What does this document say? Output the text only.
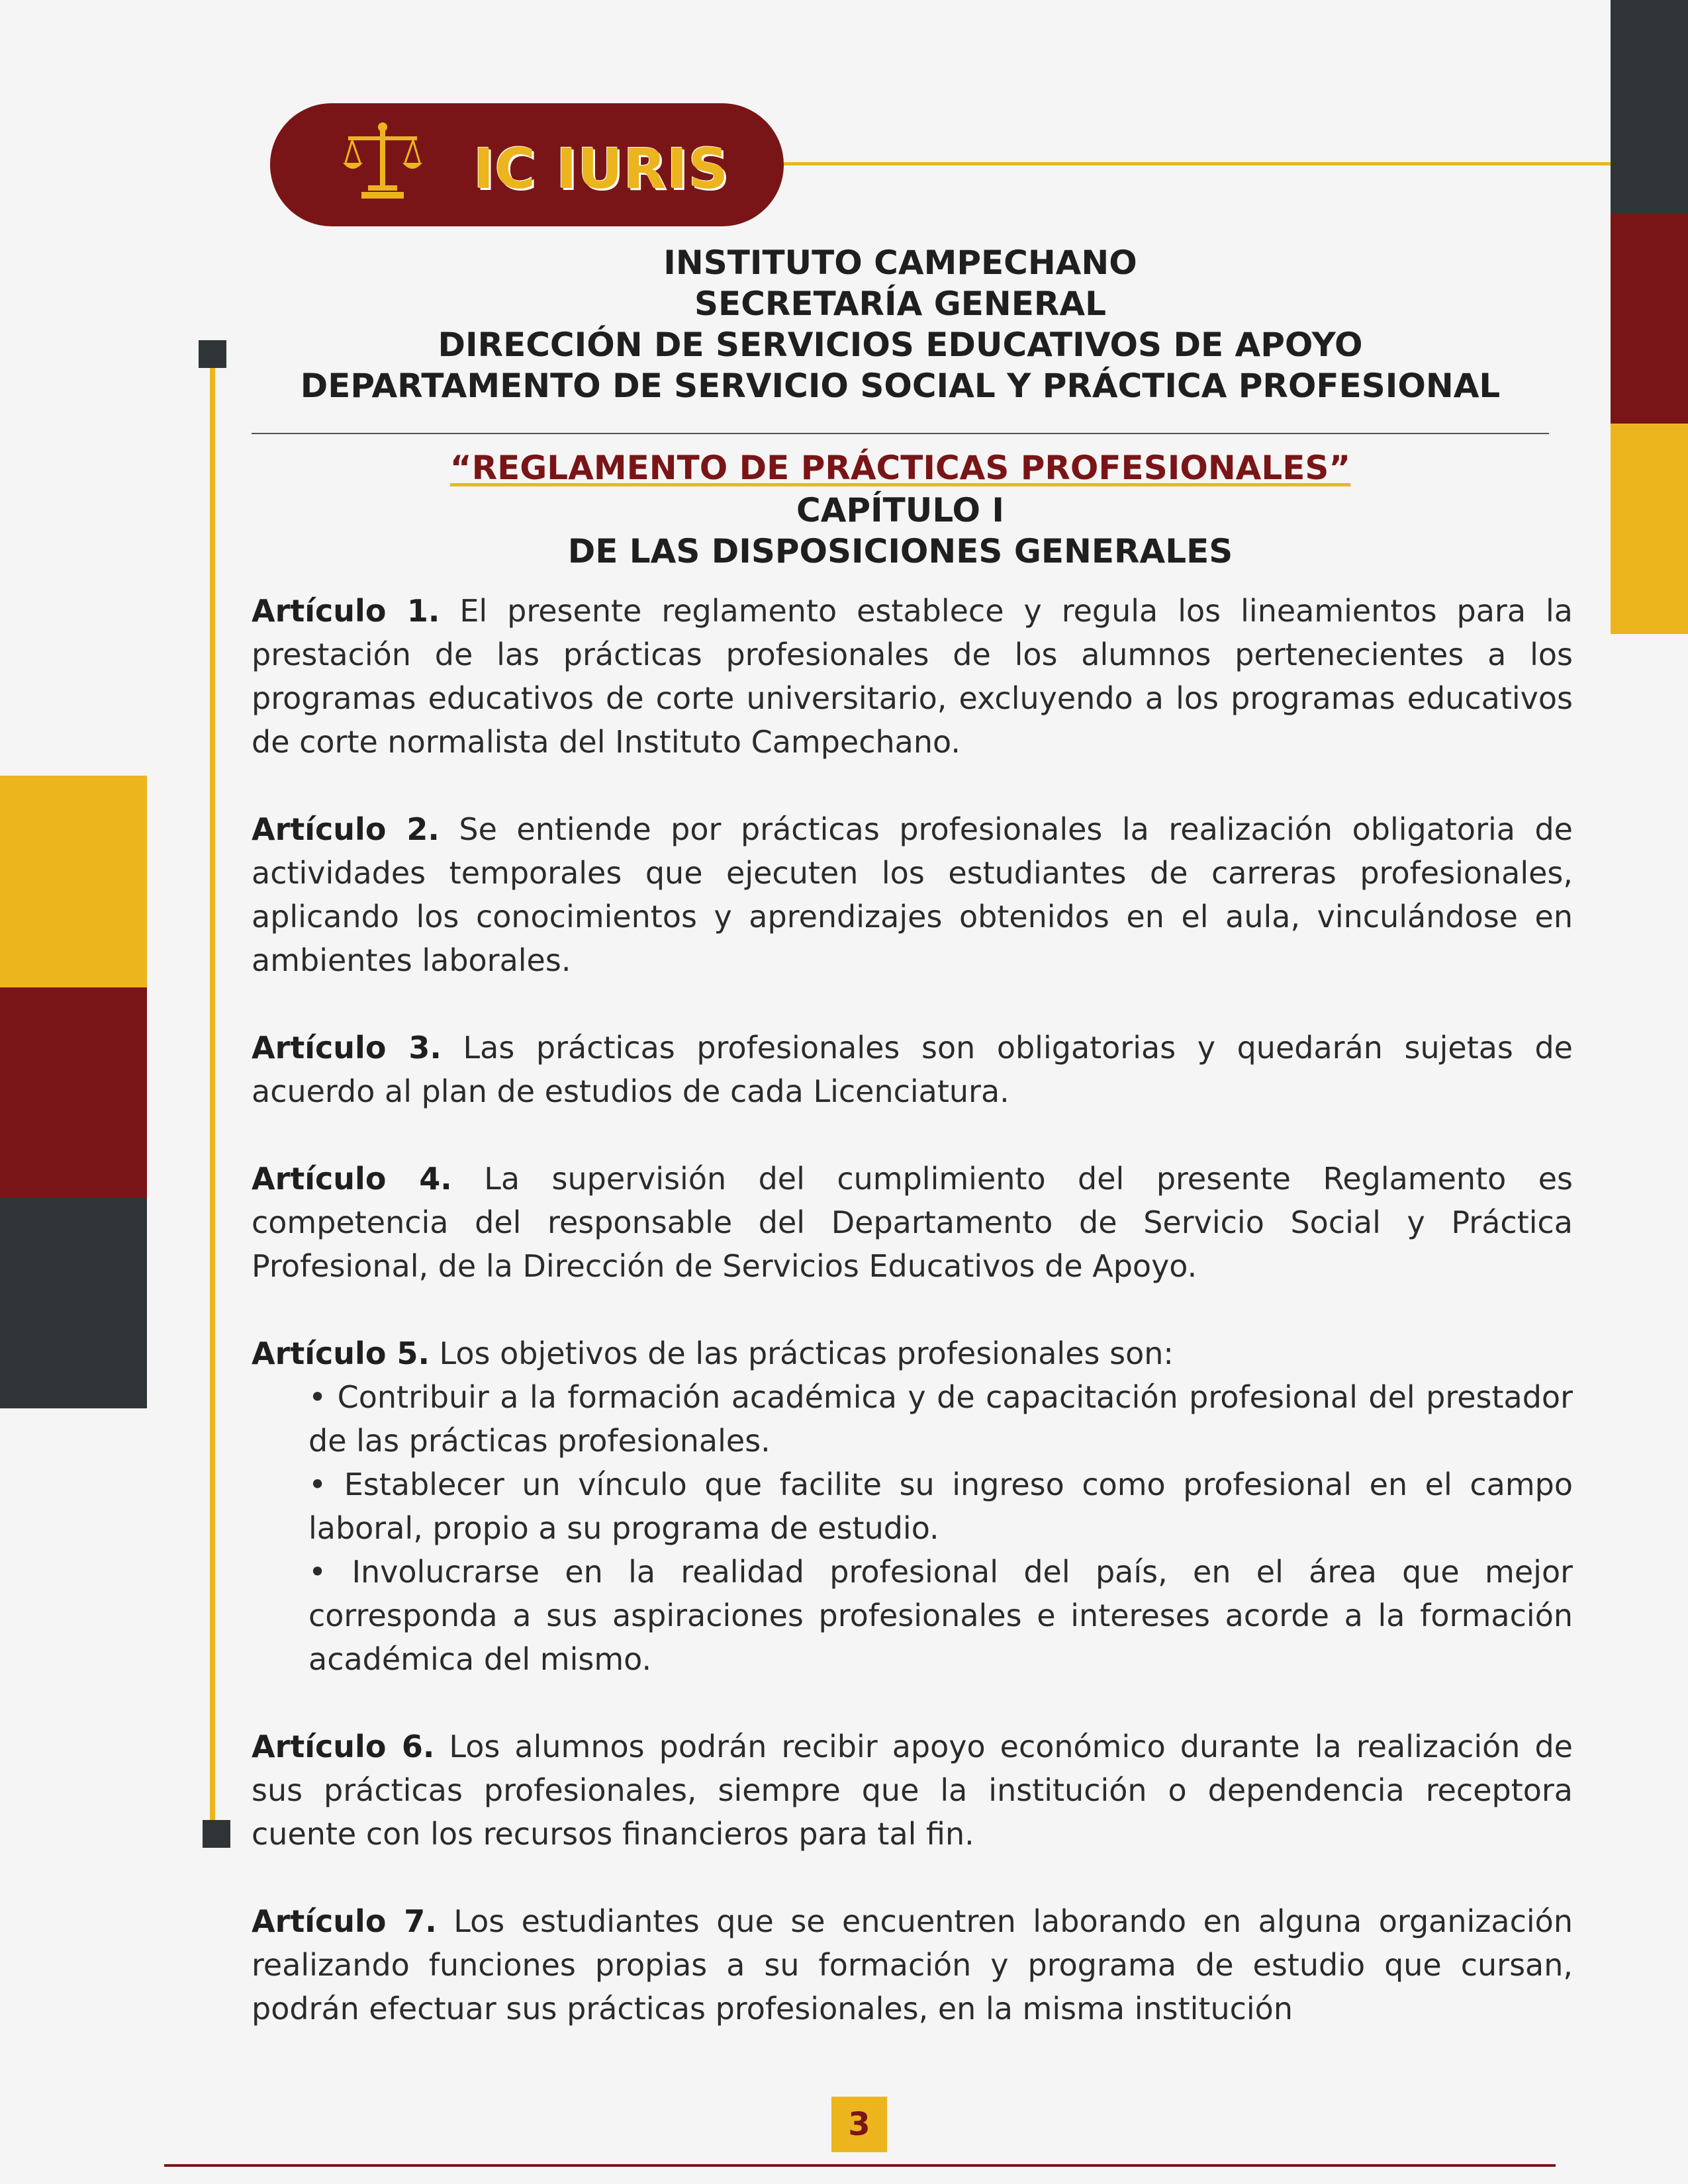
IC IURIS
INSTITUTO CAMPECHANO
SECRETARÍA GENERAL
DIRECCIÓN DE SERVICIOS EDUCATIVOS DE APOYO
DEPARTAMENTO DE SERVICIO SOCIAL Y PRÁCTICA PROFESIONAL
“REGLAMENTO DE PRÁCTICAS PROFESIONALES”
CAPÍTULO I
DE LAS DISPOSICIONES GENERALES

Artículo 1. El presente reglamento establece y regula los lineamientos para la prestación de las prácticas profesionales de los alumnos pertenecientes a los programas educativos de corte universitario, excluyendo a los programas educativos de corte normalista del Instituto Campechano.

Artículo 2. Se entiende por prácticas profesionales la realización obligatoria de actividades temporales que ejecuten los estudiantes de carreras profesionales, aplicando los conocimientos y aprendizajes obtenidos en el aula, vinculándose en ambientes laborales.

Artículo 3. Las prácticas profesionales son obligatorias y quedarán sujetas de acuerdo al plan de estudios de cada Licenciatura.

Artículo 4. La supervisión del cumplimiento del presente Reglamento es competencia del responsable del Departamento de Servicio Social y Práctica Profesional, de la Dirección de Servicios Educativos de Apoyo.

Artículo 5. Los objetivos de las prácticas profesionales son:
• Contribuir a la formación académica y de capacitación profesional del prestador de las prácticas profesionales.
• Establecer un vínculo que facilite su ingreso como profesional en el campo laboral, propio a su programa de estudio.
• Involucrarse en la realidad profesional del país, en el área que mejor corresponda a sus aspiraciones profesionales e intereses acorde a la formación académica del mismo.

Artículo 6. Los alumnos podrán recibir apoyo económico durante la realización de sus prácticas profesionales, siempre que la institución o dependencia receptora cuente con los recursos financieros para tal fin.

Artículo 7. Los estudiantes que se encuentren laborando en alguna organización realizando funciones propias a su formación y programa de estudio que cursan, podrán efectuar sus prácticas profesionales, en la misma institución

3
